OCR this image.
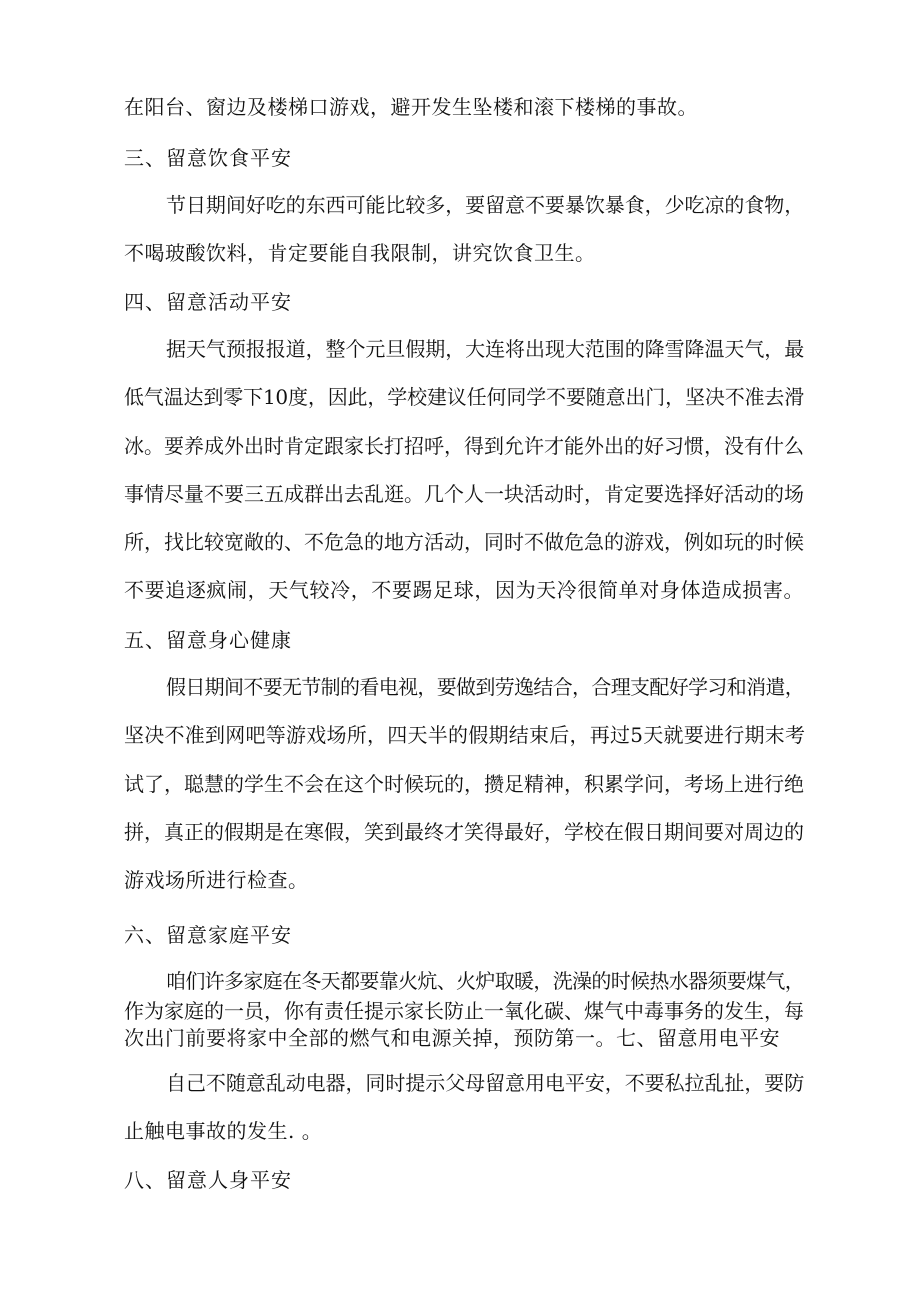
在阳台、窗边及楼梯口游戏，避开发生坠楼和滚下楼梯的事故。

三、留意饮食平安

节日期间好吃的东西可能比较多，要留意不要暴饮暴食，少吃凉的食物，

不喝玻酸饮料，肯定要能自我限制，讲究饮食卫生。

四、留意活动平安

据天气预报报道，整个元旦假期，大连将出现大范围的降雪降温天气，最

低气温达到零下10度，因此，学校建议任何同学不要随意出门，坚决不准去滑

冰。要养成外出时肯定跟家长打招呼，得到允许才能外出的好习惯，没有什么

事情尽量不要三五成群出去乱逛。几个人一块活动时，肯定要选择好活动的场

所，找比较宽敞的、不危急的地方活动，同时不做危急的游戏，例如玩的时候

不要追逐疯闹，天气较冷，不要踢足球，因为天冷很简单对身体造成损害。

五、留意身心健康

假日期间不要无节制的看电视，要做到劳逸结合，合理支配好学习和消遣，

坚决不准到网吧等游戏场所，四天半的假期结束后，再过5天就要进行期末考

试了，聪慧的学生不会在这个时候玩的，攒足精神，积累学问，考场上进行绝

拼，真正的假期是在寒假，笑到最终才笑得最好，学校在假日期间要对周边的

游戏场所进行检查。

六、留意家庭平安

咱们许多家庭在冬天都要靠火炕、火炉取暖，洗澡的时候热水器须要煤气，

作为家庭的一员，你有责任提示家长防止一氧化碳、煤气中毒事务的发生，每

次出门前要将家中全部的燃气和电源关掉，预防第一。七、留意用电平安

自己不随意乱动电器，同时提示父母留意用电平安，不要私拉乱扯，要防

止触电事故的发生. 。

八、留意人身平安
